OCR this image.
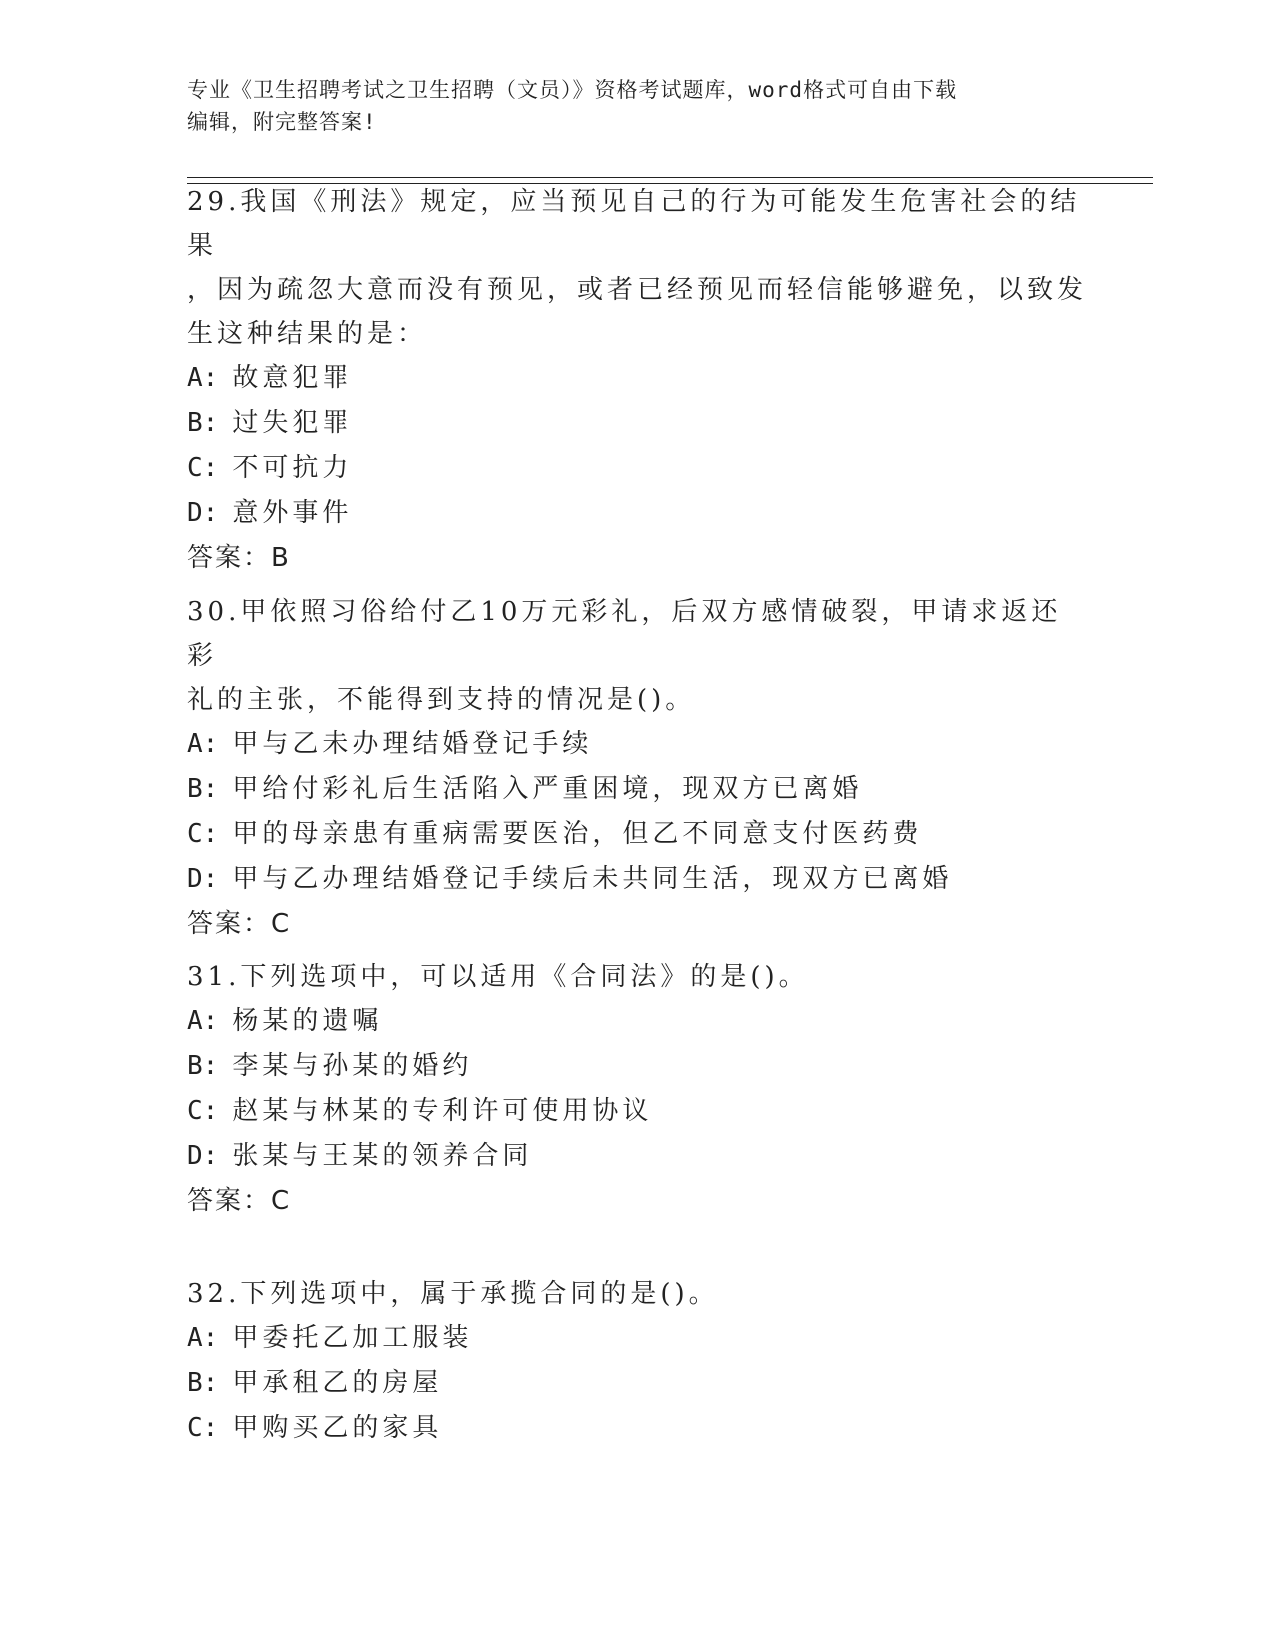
专业《卫生招聘考试之卫生招聘（文员）》资格考试题库，word格式可自由下载
编辑，附完整答案!

29.我国《刑法》规定，应当预见自己的行为可能发生危害社会的结果

，因为疏忽大意而没有预见，或者已经预见而轻信能够避免，以致发

生这种结果的是：

A: 故意犯罪

B: 过失犯罪

C: 不可抗力

D: 意外事件

答案：B

30.甲依照习俗给付乙10万元彩礼，后双方感情破裂，甲请求返还彩

礼的主张，不能得到支持的情况是()。

A: 甲与乙未办理结婚登记手续

B: 甲给付彩礼后生活陷入严重困境，现双方已离婚

C: 甲的母亲患有重病需要医治，但乙不同意支付医药费

D: 甲与乙办理结婚登记手续后未共同生活，现双方已离婚

答案：C

31.下列选项中，可以适用《合同法》的是()。

A: 杨某的遗嘱

B: 李某与孙某的婚约

C: 赵某与林某的专利许可使用协议

D: 张某与王某的领养合同

答案：C

32.下列选项中，属于承揽合同的是()。

A: 甲委托乙加工服装

B: 甲承租乙的房屋

C: 甲购买乙的家具
